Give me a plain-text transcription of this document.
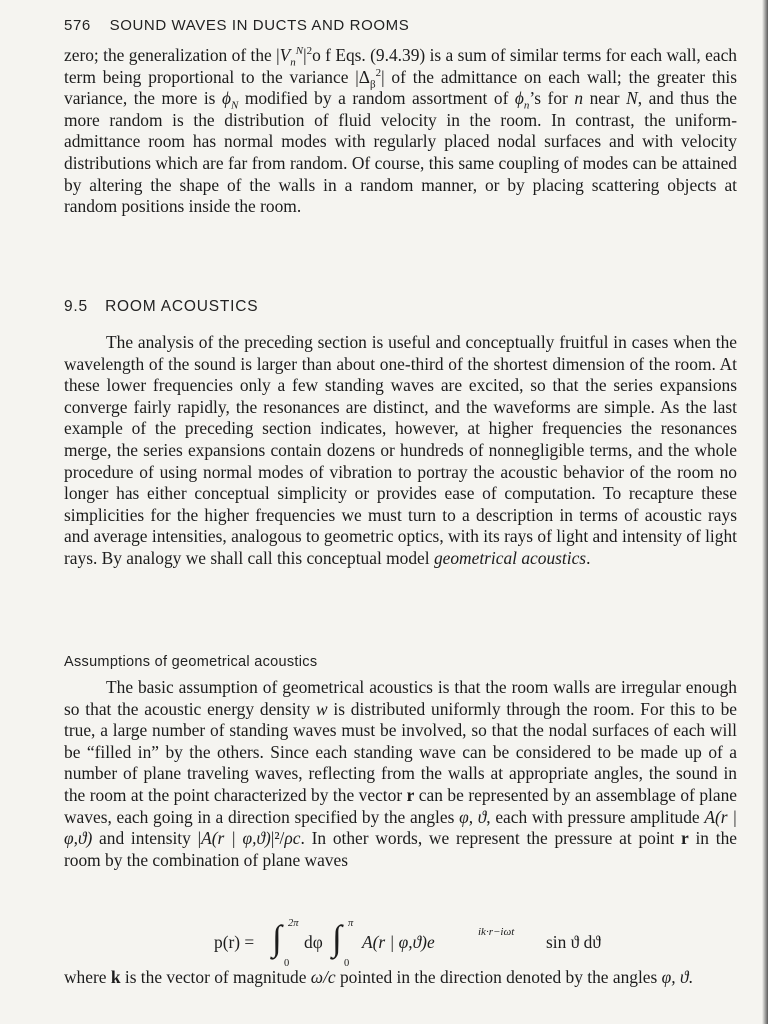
576 SOUND WAVES IN DUCTS AND ROOMS

zero; the generalization of the $|V_n^N|^2o$ f Eqs. (9.4.39) is a sum of similar terms for each wall, each term being proportional to the variance $|\Delta_\beta^2|$ of the admittance on each wall; the greater this variance, the more is $\phi_N$ modified by a random assortment of $\phi_n’s$ for n near N, and thus the more random is the distribution of fluid velocity in the room. In contrast, the uniform-admittance room has normal modes with regularly placed nodal surfaces and with velocity distributions which are far from random. Of course, this same coupling of modes can be attained by altering the shape of the walls in a random manner, or by placing scattering objects at random positions inside the room.

9.5 ROOM ACOUSTICS

The analysis of the preceding section is useful and conceptually fruitful in cases when the wavelength of the sound is larger than about one-third of the shortest dimension of the room. At these lower frequencies only a few standing waves are excited, so that the series expansions converge fairly rapidly, the resonances are distinct, and the waveforms are simple. As the last example of the preceding section indicates, however, at higher frequencies the resonances merge, the series expansions contain dozens or hundreds of nonnegligible terms, and the whole procedure of using normal modes of vibration to portray the acoustic behavior of the room no longer has either conceptual simplicity or provides ease of computation. To recapture these simplicities for the higher frequencies we must turn to a description in terms of acoustic rays and average intensities, analogous to geometric optics, with its rays of light and intensity of light rays. By analogy we shall call this conceptual model geometrical acoustics.

Assumptions of geometrical acoustics

The basic assumption of geometrical acoustics is that the room walls are irregular enough so that the acoustic energy density w is distributed uniformly through the room. For this to be true, a large number of standing waves must be involved, so that the nodal surfaces of each will be “filled in” by the others. Since each standing wave can be considered to be made up of a number of plane traveling waves, reflecting from the walls at appropriate angles, the sound in the room at the point characterized by the vector r can be represented by an assemblage of plane waves, each going in a direction specified by the angles φ, ϑ, each with pressure amplitude A(r | φ,ϑ) and intensity |A(r | φ,ϑ)|²/ρc. In other words, we represent the pressure at point r in the room by the combination of plane waves

p(r) = ∫ 2π
0
dφ ∫ π
0
A(r | φ,ϑ)e	ik·r−iωt sin ϑ dϑ

where k is the vector of magnitude ω/c pointed in the direction denoted by the angles φ, ϑ.
